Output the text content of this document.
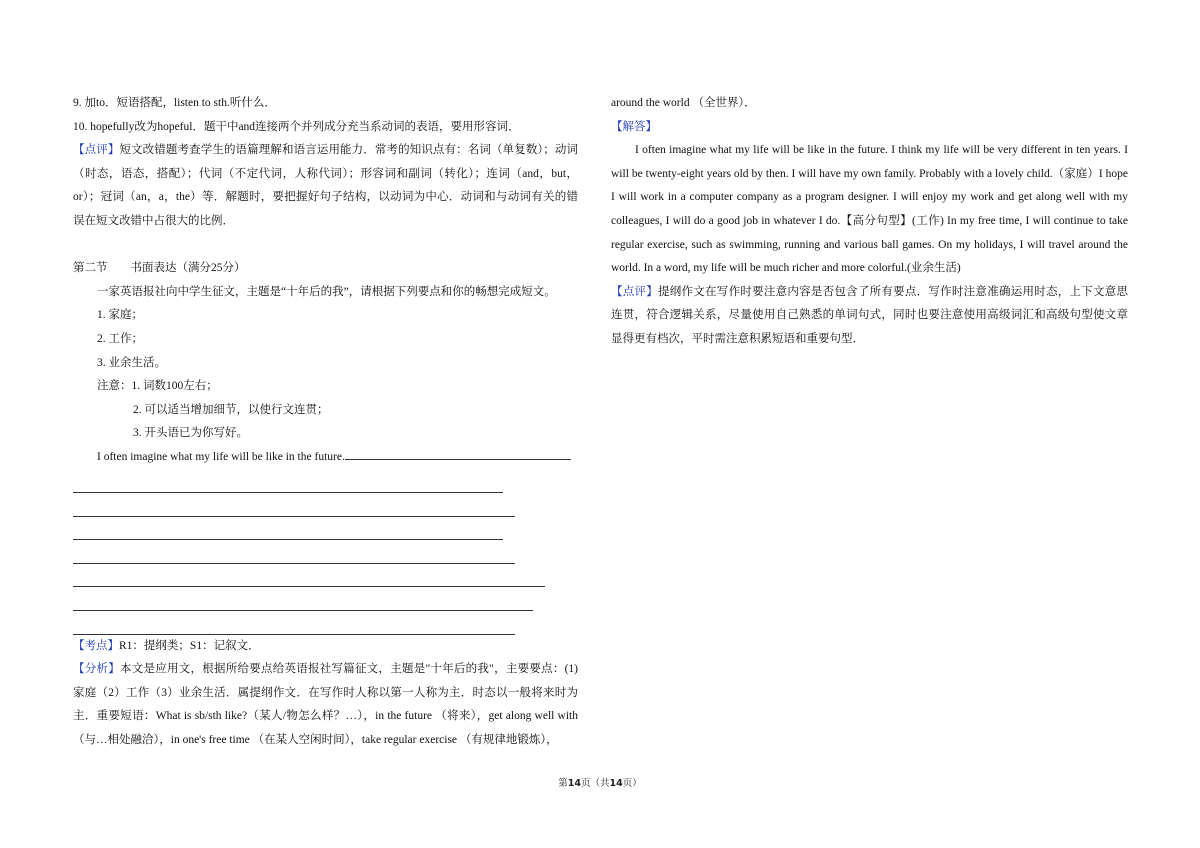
9. 加to．短语搭配，listen to sth.听什么．

10. hopefully改为hopeful．题干中and连接两个并列成分充当系动词的表语，要用形容词．

【点评】短文改错题考查学生的语篇理解和语言运用能力．常考的知识点有：名词（单复数）；动词（时态，语态，搭配）；代词（不定代词，人称代词）；形容词和副词（转化）；连词（and，but，or）；冠词（an，a，the）等．解题时，要把握好句子结构，以动词为中心．动词和与动词有关的错误在短文改错中占很大的比例．

第二节　　书面表达（满分25分）

一家英语报社向中学生征文，主题是“十年后的我”，请根据下列要点和你的畅想完成短文。

1. 家庭；

2. 工作；

3. 业余生活。

注意：1. 词数100左右；

2. 可以适当增加细节，以使行文连贯；

3. 开头语已为你写好。

I often imagine what my life will be like in the future.

【考点】R1：提纲类；S1：记叙文．

【分析】本文是应用文，根据所给要点给英语报社写篇征文，主题是"十年后的我"，主要要点：(1)家庭（2）工作（3）业余生活．属提纲作文．在写作时人称以第一人称为主．时态以一般将来时为主．重要短语：What is sb/sth like?（某人/物怎么样？…），in the future （将来），get along well with（与…相处融洽），in one's free time （在某人空闲时间），take regular exercise （有规律地锻炼），

around the world （全世界）．

【解答】

I often imagine what my life will be like in the future. I think my life will be very different in ten years. I will be twenty-eight years old by then. I will have my own family. Probably with a lovely child.（家庭）I hope I will work in a computer company as a program designer. I will enjoy my work and get along well with my colleagues, I will do a good job in whatever I do.【高分句型】(工作) In my free time, I will continue to take regular exercise, such as swimming, running and various ball games. On my holidays, I will travel around the world. In a word, my life will be much richer and more colorful.(业余生活)

【点评】提纲作文在写作时要注意内容是否包含了所有要点．写作时注意准确运用时态，上下文意思连贯，符合逻辑关系，尽量使用自己熟悉的单词句式，同时也要注意使用高级词汇和高级句型使文章显得更有档次，平时需注意积累短语和重要句型．

第14页（共14页）
